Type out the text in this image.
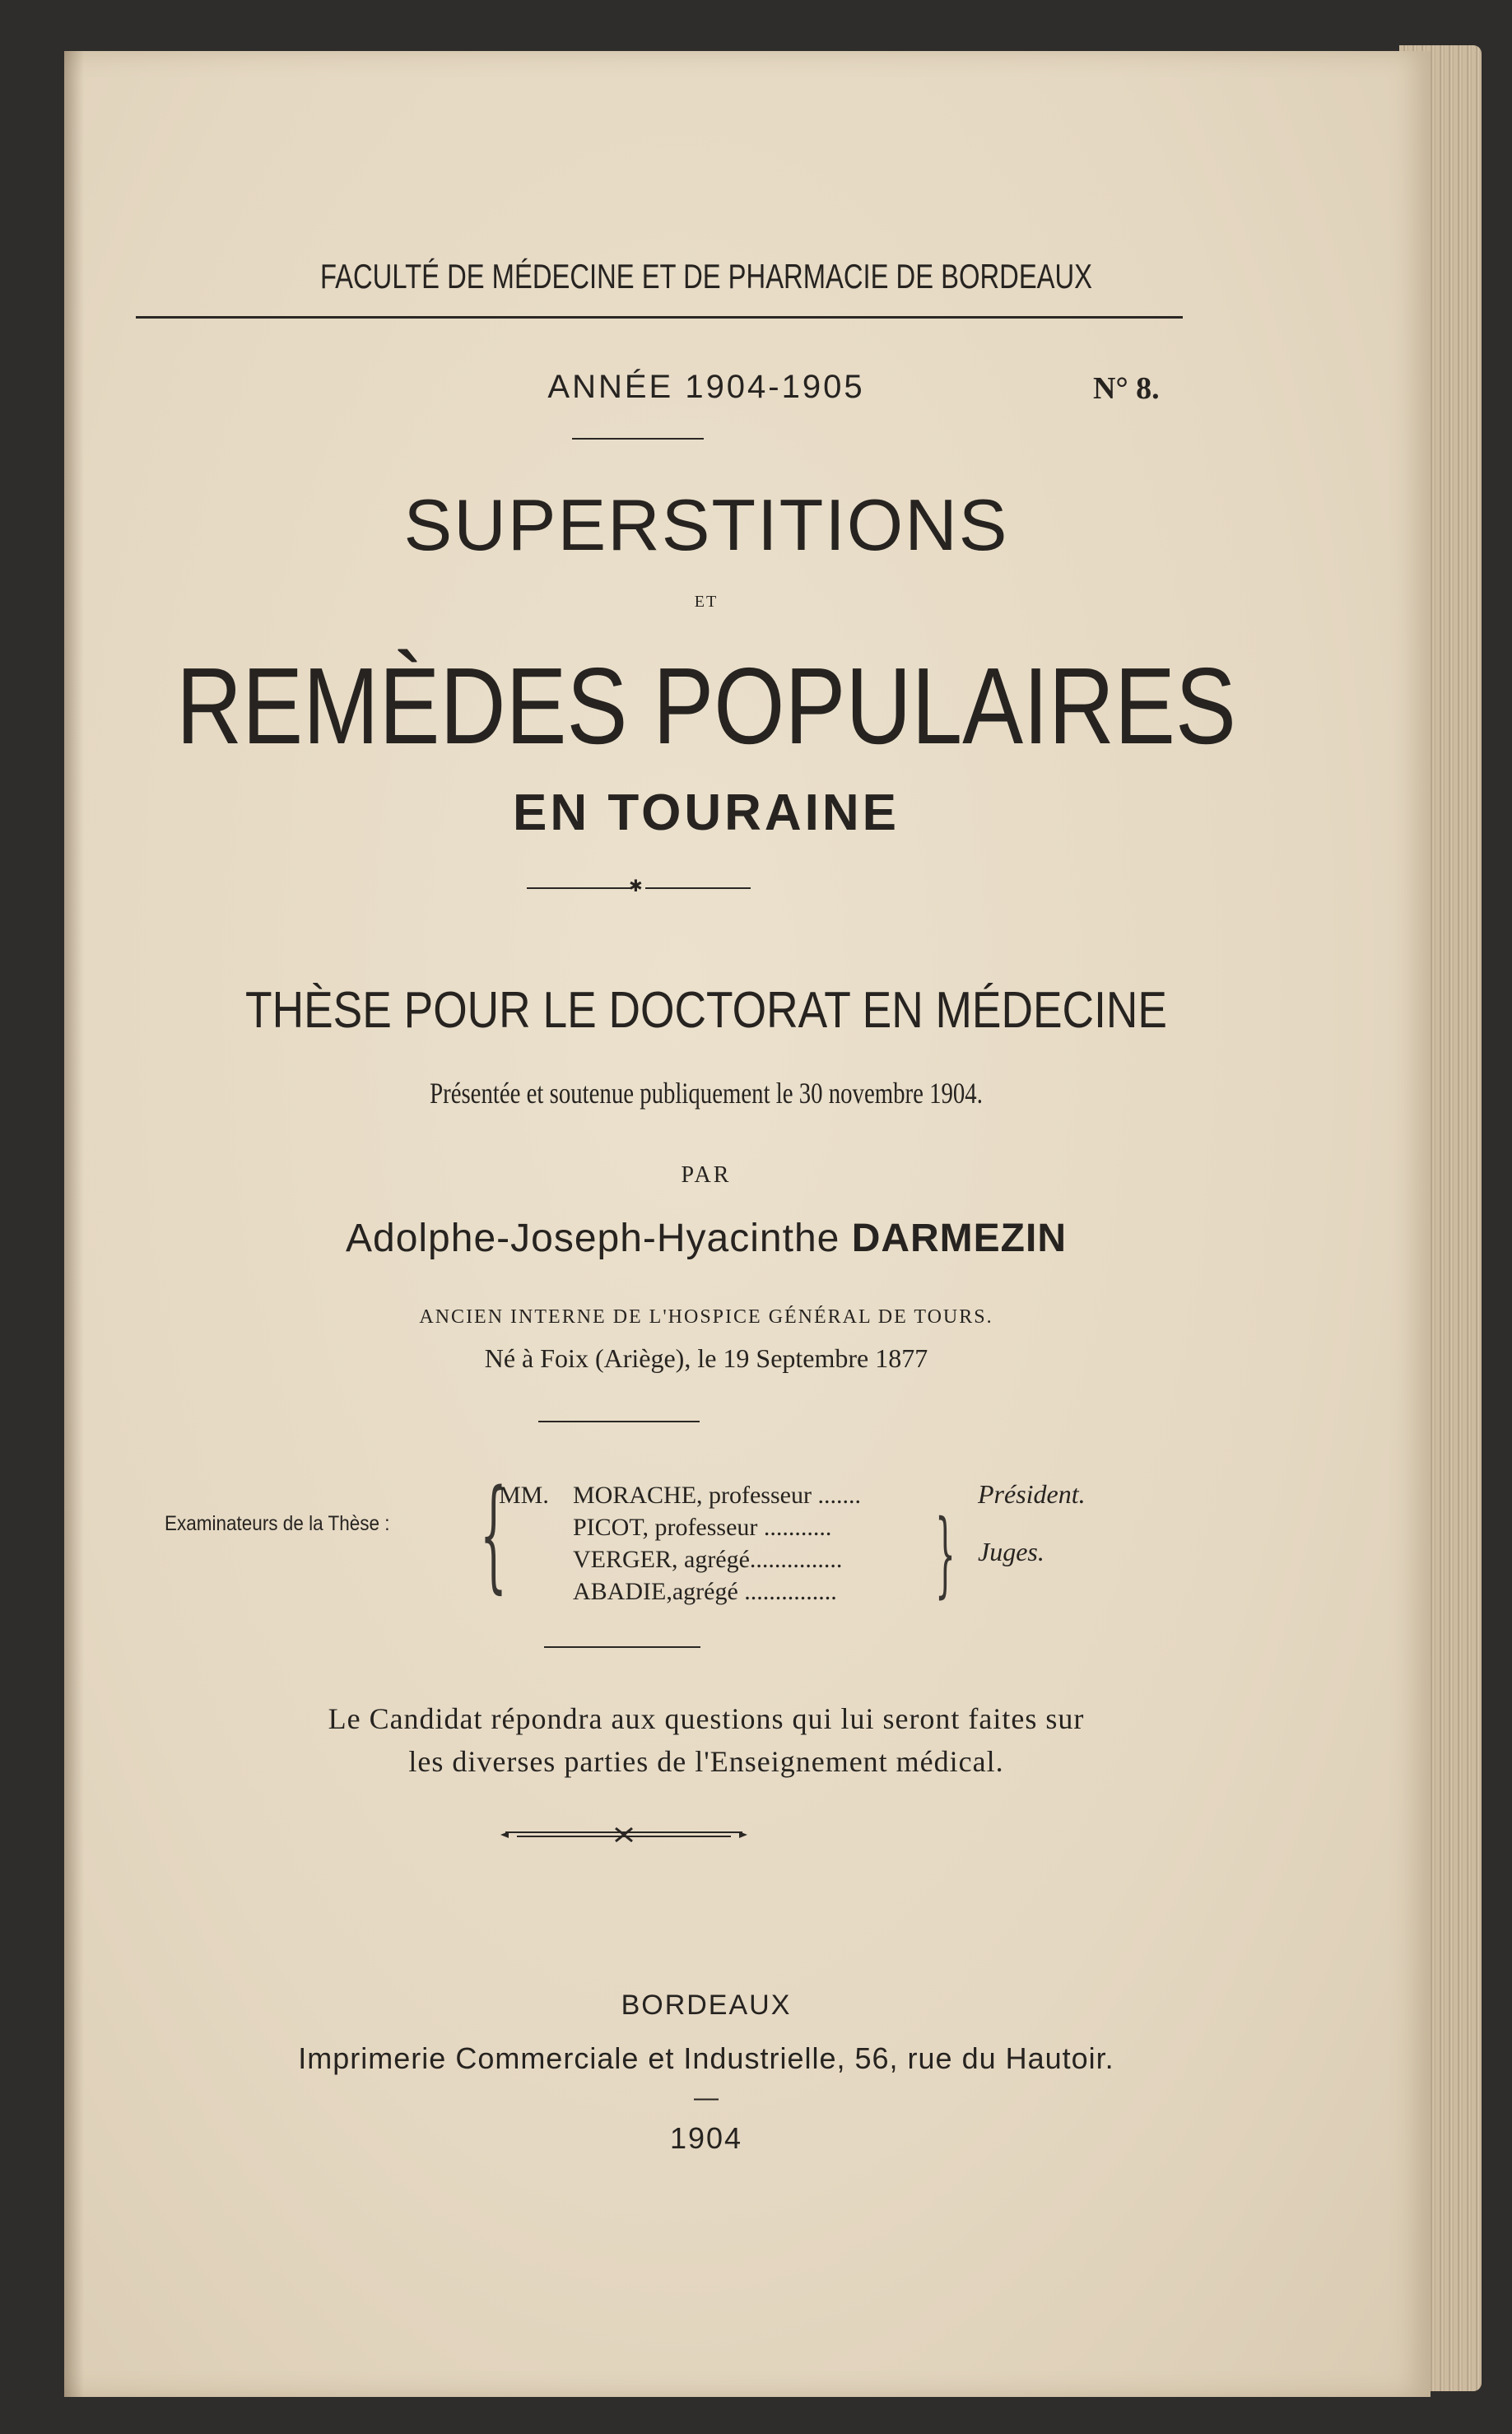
FACULTÉ DE MÉDECINE ET DE PHARMACIE DE BORDEAUX
ANNÉE 1904-1905	N° 8.
SUPERSTITIONS
ET
REMÈDES POPULAIRES
EN TOURAINE
✱
THÈSE POUR LE DOCTORAT EN MÉDECINE
Présentée et soutenue publiquement le 30 novembre 1904.
PAR
Adolphe-Joseph-Hyacinthe DARMEZIN
ANCIEN INTERNE DE L'HOSPICE GÉNÉRAL DE TOURS.
Né à Foix (Ariège), le 19 Septembre 1877
Examinateurs de la Thèse : {
MM. MORACHE, professeur .......
PICOT, professeur ...........
VERGER, agrégé...............
ABADIE,agrégé ...............
Président.
} Juges.
Le Candidat répondra aux questions qui lui seront faites sur
les diverses parties de l'Enseignement médical.
BORDEAUX
Imprimerie Commerciale et Industrielle, 56, rue du Hautoir.
—
1904
